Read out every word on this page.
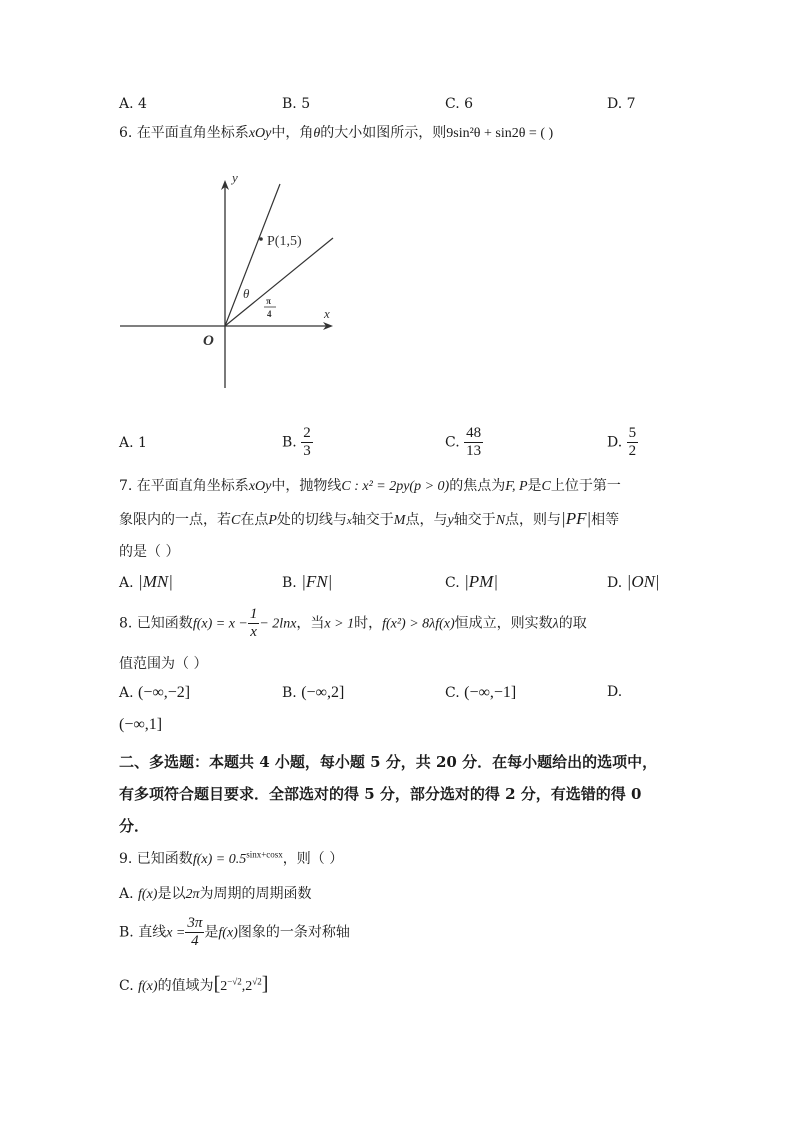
A. 4	B. 5	C. 6	D. 7
6. 在平面直角坐标系xOy中，角θ的大小如图所示，则9sin²θ + sin2θ = ( )
P(1,5)
y
x
O
θ π
4
A. 1	B. $\frac{2}{3}$	C. $\frac{48}{13}$	D. $\frac{5}{2}$
7. 在平面直角坐标系xOy中，抛物线C : x² = 2py(p > 0)的焦点为F, P是C上位于第一
象限内的一点，若C在点P处的切线与x轴交于M点，与y轴交于N点，则与|PF|相等
的是（ ）
A. |MN|	B. |FN|	C. |PM|	D. |ON|
8. 已知函数$f(x) = x - \frac{1}{x} - 2\ln x$，当x > 1时，f(x²) > 8λf(x)恒成立，则实数λ的取
值范围为（ ）
A. (−∞,−2]	B. (−∞,2]	C. (−∞,−1]	D.
(−∞,1]
二、多选题：本题共 4 小题，每小题 5 分，共 20 分．在每小题给出的选项中，
有多项符合题目要求．全部选对的得 5 分，部分选对的得 2 分，有选错的得 0
分．
9. 已知函数$f(x) = 0.5^{sinx+cosx}$，则（ ）
A. f(x)是以2π为周期的周期函数
B. 直线$x = \frac{3\pi}{4}$ 是f(x)图象的一条对称轴
C. f(x)的值域为$[2^{-√2},2^{√2}]$
